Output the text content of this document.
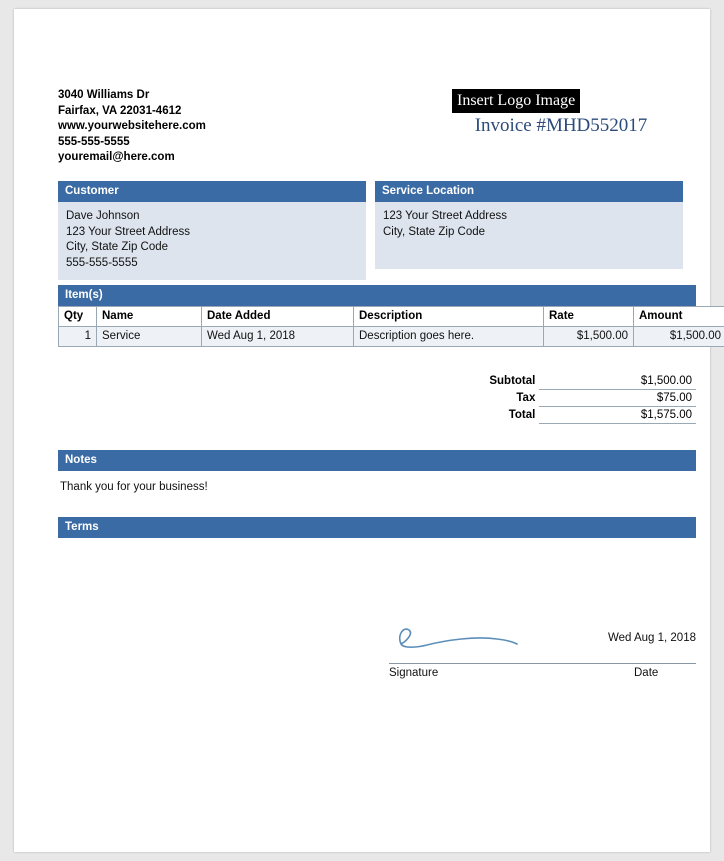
3040 Williams Dr
Fairfax, VA 22031-4612
www.yourwebsitehere.com
555-555-5555
youremail@here.com
Insert Logo Image
Invoice #MHD552017
Customer
Dave Johnson
123 Your Street Address
City, State Zip Code
555-555-5555
Service Location
123 Your Street Address
City, State Zip Code
Item(s)
Qty	Name	Date Added	Description	Rate	Amount
1	Service	Wed Aug 1, 2018	Description goes here.	$1,500.00	$1,500.00
Subtotal	$1,500.00
Tax	$75.00
Total	$1,575.00
Notes
Thank you for your business!
Terms
Wed Aug 1, 2018
Signature	Date
